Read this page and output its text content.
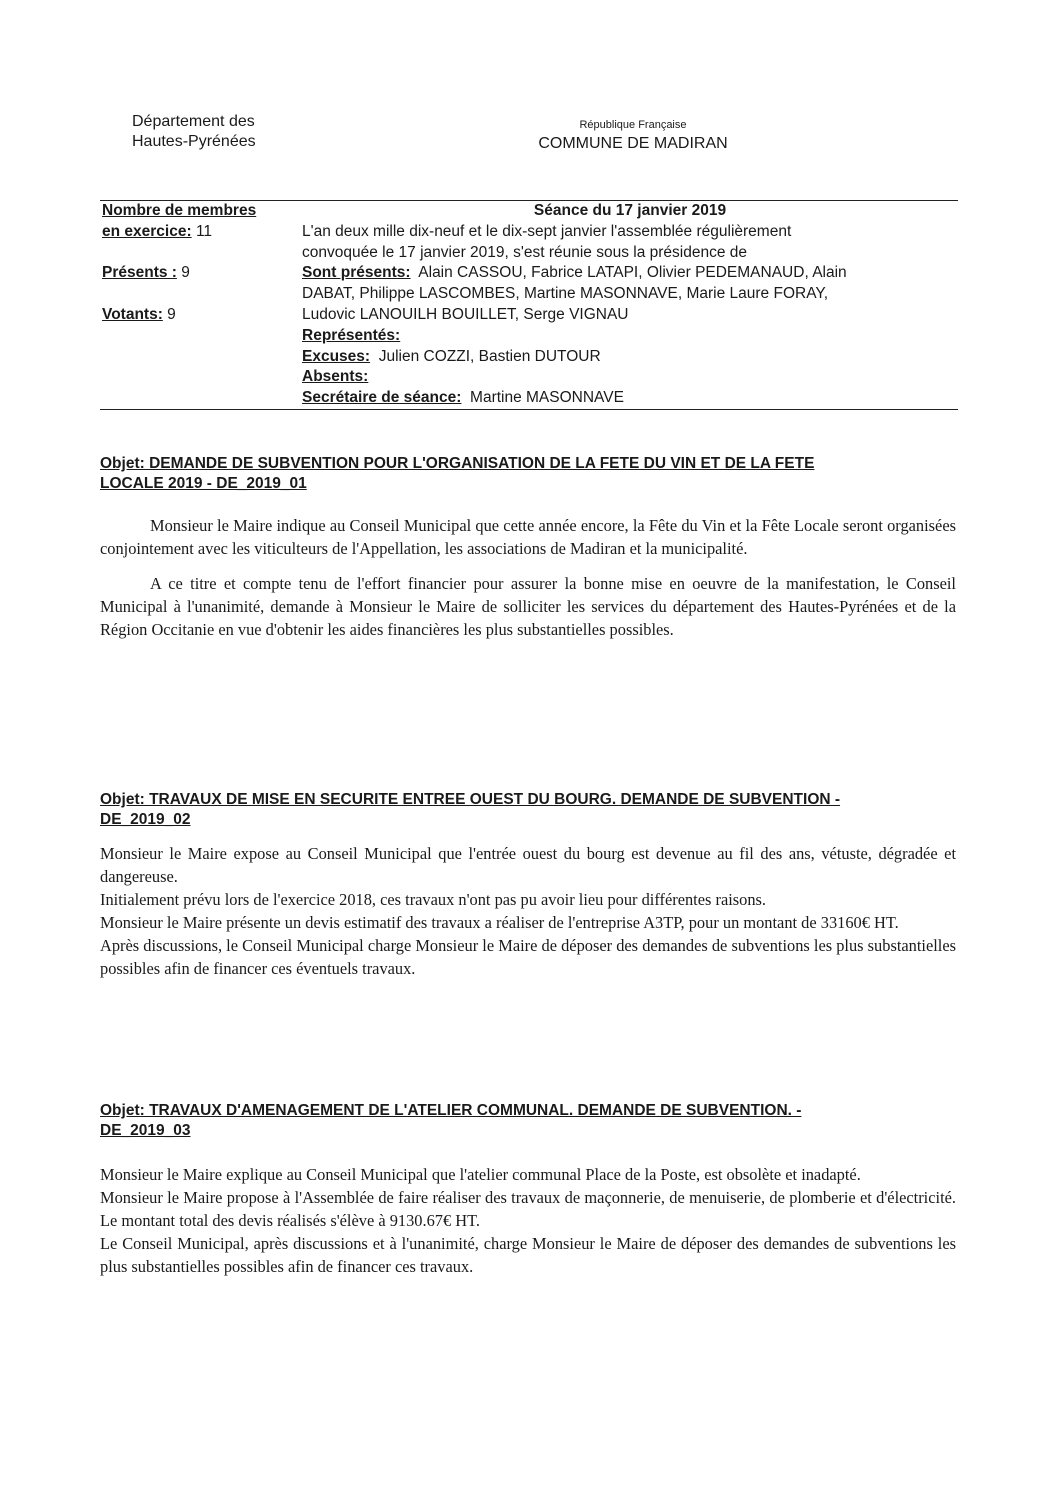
Département des
Hautes-Pyrénées
République Française
COMMUNE DE MADIRAN
Nombre de membres	Séance du 17 janvier 2019
en exercice: 11	L'an deux mille dix-neuf et le dix-sept janvier l'assemblée régulièrement
convoquée le 17 janvier 2019, s'est réunie sous la présidence de
Présents : 9	Sont présents: Alain CASSOU, Fabrice LATAPI, Olivier PEDEMANAUD, Alain
DABAT, Philippe LASCOMBES, Martine MASONNAVE, Marie Laure FORAY,
Votants: 9	Ludovic LANOUILH BOUILLET, Serge VIGNAU
Représentés:
Excuses: Julien COZZI, Bastien DUTOUR
Absents:
Secrétaire de séance: Martine MASONNAVE

Objet: DEMANDE DE SUBVENTION POUR L'ORGANISATION DE LA FETE DU VIN ET DE LA FETE
LOCALE 2019 - DE_2019_01

Monsieur le Maire indique au Conseil Municipal que cette année encore, la Fête du Vin et la Fête Locale seront organisées conjointement avec les viticulteurs de l'Appellation, les associations de Madiran et la municipalité.

A ce titre et compte tenu de l'effort financier pour assurer la bonne mise en oeuvre de la manifestation, le Conseil Municipal à l'unanimité, demande à Monsieur le Maire de solliciter les services du département des Hautes-Pyrénées et de la Région Occitanie en vue d'obtenir les aides financières les plus substantielles possibles.

Objet: TRAVAUX DE MISE EN SECURITE ENTREE OUEST DU BOURG. DEMANDE DE SUBVENTION -
DE_2019_02

Monsieur le Maire expose au Conseil Municipal que l'entrée ouest du bourg est devenue au fil des ans, vétuste, dégradée et dangereuse.

Initialement prévu lors de l'exercice 2018, ces travaux n'ont pas pu avoir lieu pour différentes raisons.

Monsieur le Maire présente un devis estimatif des travaux a réaliser de l'entreprise A3TP, pour un montant de 33160€ HT.

Après discussions, le Conseil Municipal charge Monsieur le Maire de déposer des demandes de subventions les plus substantielles possibles afin de financer ces éventuels travaux.

Objet: TRAVAUX D'AMENAGEMENT DE L'ATELIER COMMUNAL. DEMANDE DE SUBVENTION. -
DE_2019_03

Monsieur le Maire explique au Conseil Municipal que l'atelier communal Place de la Poste, est obsolète et inadapté.

Monsieur le Maire propose à l'Assemblée de faire réaliser des travaux de maçonnerie, de menuiserie, de plomberie et d'électricité. Le montant total des devis réalisés s'élève à 9130.67€ HT.

Le Conseil Municipal, après discussions et à l'unanimité, charge Monsieur le Maire de déposer des demandes de subventions les plus substantielles possibles afin de financer ces travaux.
